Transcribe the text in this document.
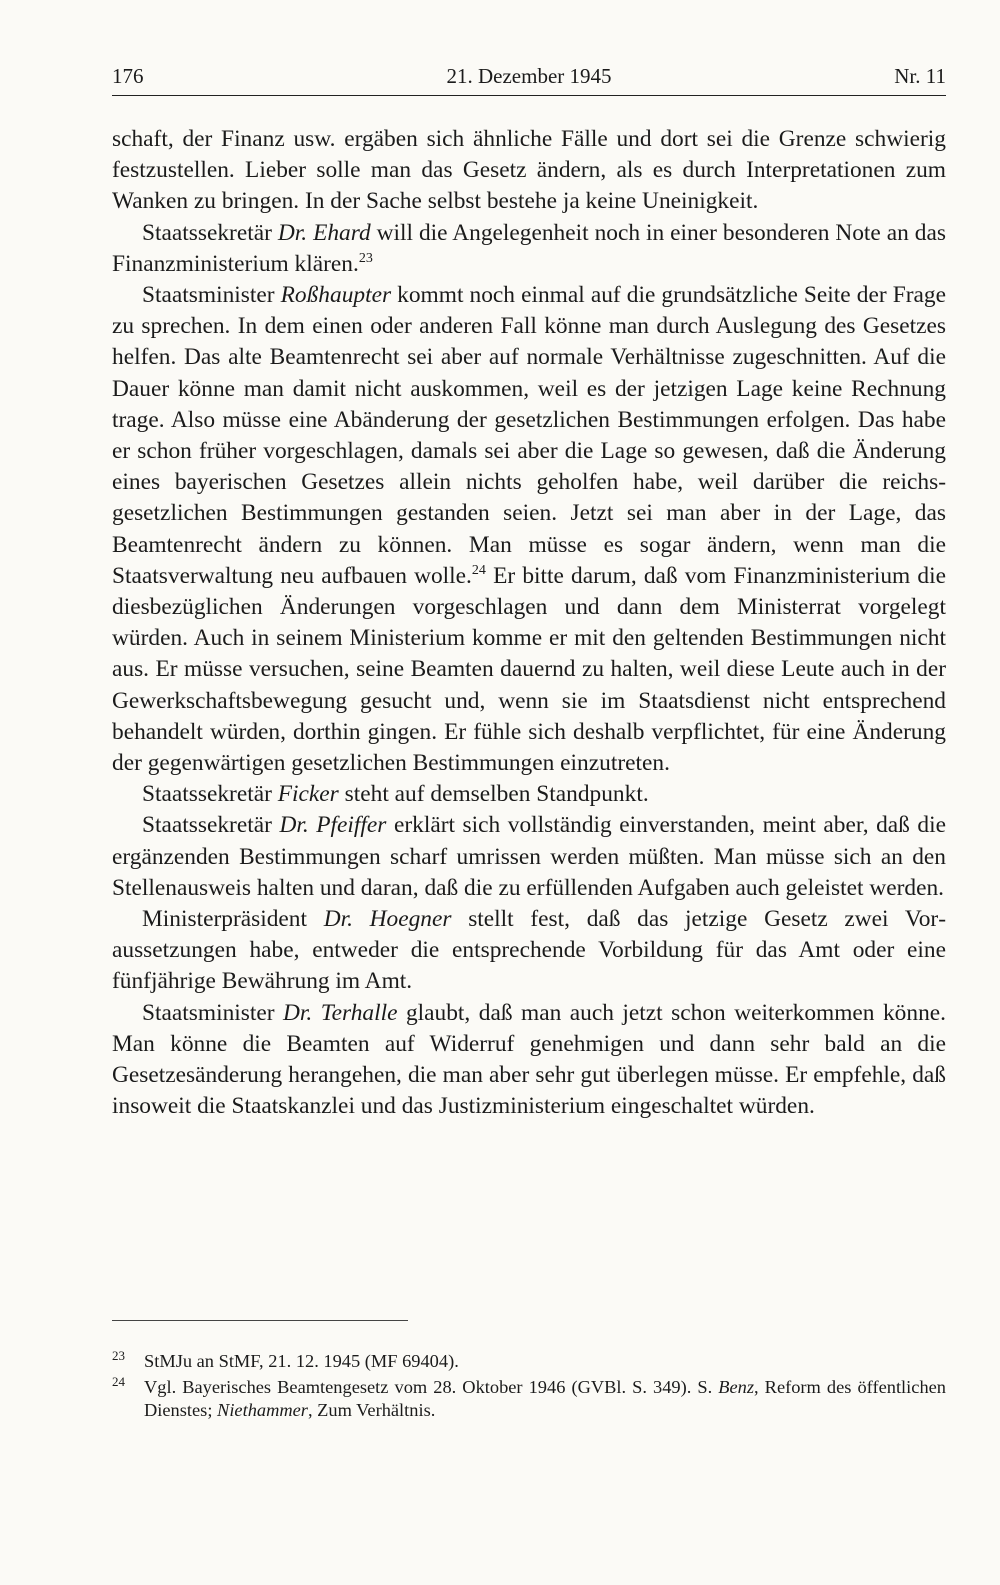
176	21. Dezember 1945	Nr. 11

schaft, der Finanz usw. ergäben sich ähnliche Fälle und dort sei die Grenze schwierig festzustellen. Lieber solle man das Gesetz ändern, als es durch Interpretationen zum Wanken zu bringen. In der Sache selbst bestehe ja keine Uneinigkeit.

Staatssekretär Dr. Ehard will die Angelegenheit noch in einer besonderen Note an das Finanzministerium klären.$^{23}$

Staatsminister Roßhaupter kommt noch einmal auf die grundsätzliche Seite der Frage zu sprechen. In dem einen oder anderen Fall könne man durch Auslegung des Gesetzes helfen. Das alte Beamtenrecht sei aber auf normale Verhältnisse zugeschnitten. Auf die Dauer könne man damit nicht auskommen, weil es der jetzigen Lage keine Rechnung trage. Also müsse eine Abänderung der gesetzlichen Bestimmungen erfolgen. Das habe er schon früher vorgeschlagen, damals sei aber die Lage so gewesen, daß die Änderung eines bayerischen Gesetzes allein nichts geholfen habe, weil darüber die reichsgesetzlichen Bestimmungen gestanden seien. Jetzt sei man aber in der Lage, das Beamtenrecht ändern zu können. Man müsse es sogar ändern, wenn man die Staatsverwaltung neu aufbauen wolle.$^{24}$ Er bitte darum, daß vom Finanzministerium die diesbezüglichen Änderungen vorgeschlagen und dann dem Ministerrat vorgelegt würden. Auch in seinem Ministerium komme er mit den geltenden Bestimmungen nicht aus. Er müsse versuchen, seine Beamten dauernd zu halten, weil diese Leute auch in der Gewerkschaftsbewegung gesucht und, wenn sie im Staatsdienst nicht entsprechend behandelt würden, dorthin gingen. Er fühle sich deshalb verpflichtet, für eine Änderung der gegenwärtigen gesetzlichen Bestimmungen einzutreten.

Staatssekretär Ficker steht auf demselben Standpunkt.

Staatssekretär Dr. Pfeiffer erklärt sich vollständig einverstanden, meint aber, daß die ergänzenden Bestimmungen scharf umrissen werden müßten. Man müsse sich an den Stellenausweis halten und daran, daß die zu erfüllenden Aufgaben auch geleistet werden.

Ministerpräsident Dr. Hoegner stellt fest, daß das jetzige Gesetz zwei Voraussetzungen habe, entweder die entsprechende Vorbildung für das Amt oder eine fünfjährige Bewährung im Amt.

Staatsminister Dr. Terhalle glaubt, daß man auch jetzt schon weiterkommen könne. Man könne die Beamten auf Widerruf genehmigen und dann sehr bald an die Gesetzesänderung herangehen, die man aber sehr gut überlegen müsse. Er empfehle, daß insoweit die Staatskanzlei und das Justizministerium eingeschaltet würden.

$^{23}$	StMJu an StMF, 21. 12. 1945 (MF 69404).
$^{24}$	Vgl. Bayerisches Beamtengesetz vom 28. Oktober 1946 (GVBl. S. 349). S. Benz, Reform des öffentlichen Dienstes; Niethammer, Zum Verhältnis.
